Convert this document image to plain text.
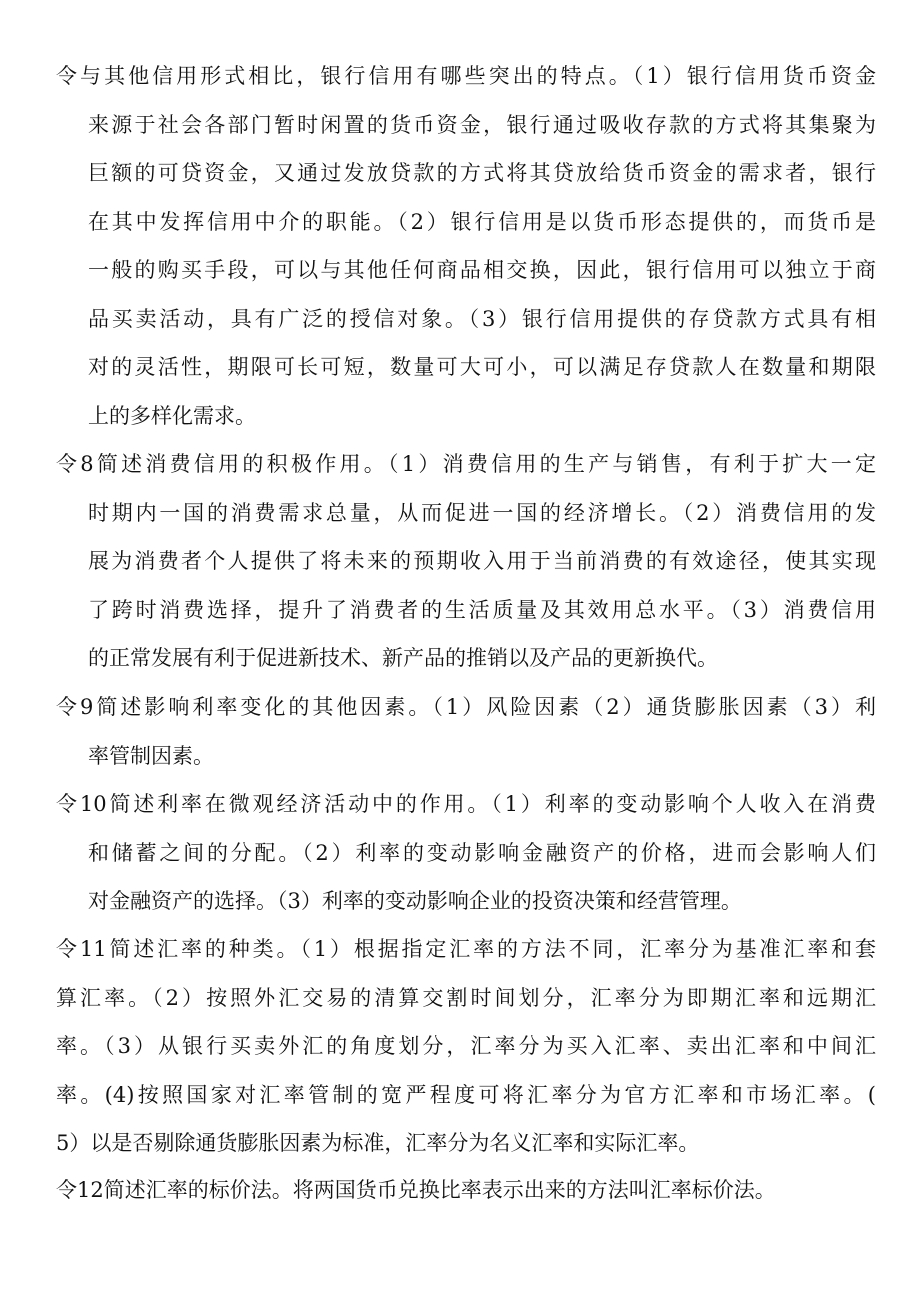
令与其他信用形式相比，银行信用有哪些突出的特点。（1）银行信用货币资金
来源于社会各部门暂时闲置的货币资金，银行通过吸收存款的方式将其集聚为
巨额的可贷资金，又通过发放贷款的方式将其贷放给货币资金的需求者，银行
在其中发挥信用中介的职能。（2）银行信用是以货币形态提供的，而货币是
一般的购买手段，可以与其他任何商品相交换，因此，银行信用可以独立于商
品买卖活动，具有广泛的授信对象。（3）银行信用提供的存贷款方式具有相
对的灵活性，期限可长可短，数量可大可小，可以满足存贷款人在数量和期限
上的多样化需求。
令8简述消费信用的积极作用。（1）消费信用的生产与销售，有利于扩大一定
时期内一国的消费需求总量，从而促进一国的经济增长。（2）消费信用的发
展为消费者个人提供了将未来的预期收入用于当前消费的有效途径，使其实现
了跨时消费选择，提升了消费者的生活质量及其效用总水平。（3）消费信用
的正常发展有利于促进新技术、新产品的推销以及产品的更新换代。
令9简述影响利率变化的其他因素。（1）风险因素（2）通货膨胀因素（3）利
率管制因素。
令10简述利率在微观经济活动中的作用。（1）利率的变动影响个人收入在消费
和储蓄之间的分配。（2）利率的变动影响金融资产的价格，进而会影响人们
对金融资产的选择。（3）利率的变动影响企业的投资决策和经营管理。
令11简述汇率的种类。（1）根据指定汇率的方法不同，汇率分为基准汇率和套
算汇率。（2）按照外汇交易的清算交割时间划分，汇率分为即期汇率和远期汇
率。（3）从银行买卖外汇的角度划分，汇率分为买入汇率、卖出汇率和中间汇
率。(4)按照国家对汇率管制的宽严程度可将汇率分为官方汇率和市场汇率。(
5）以是否剔除通货膨胀因素为标准，汇率分为名义汇率和实际汇率。
令12简述汇率的标价法。将两国货币兑换比率表示出来的方法叫汇率标价法。
